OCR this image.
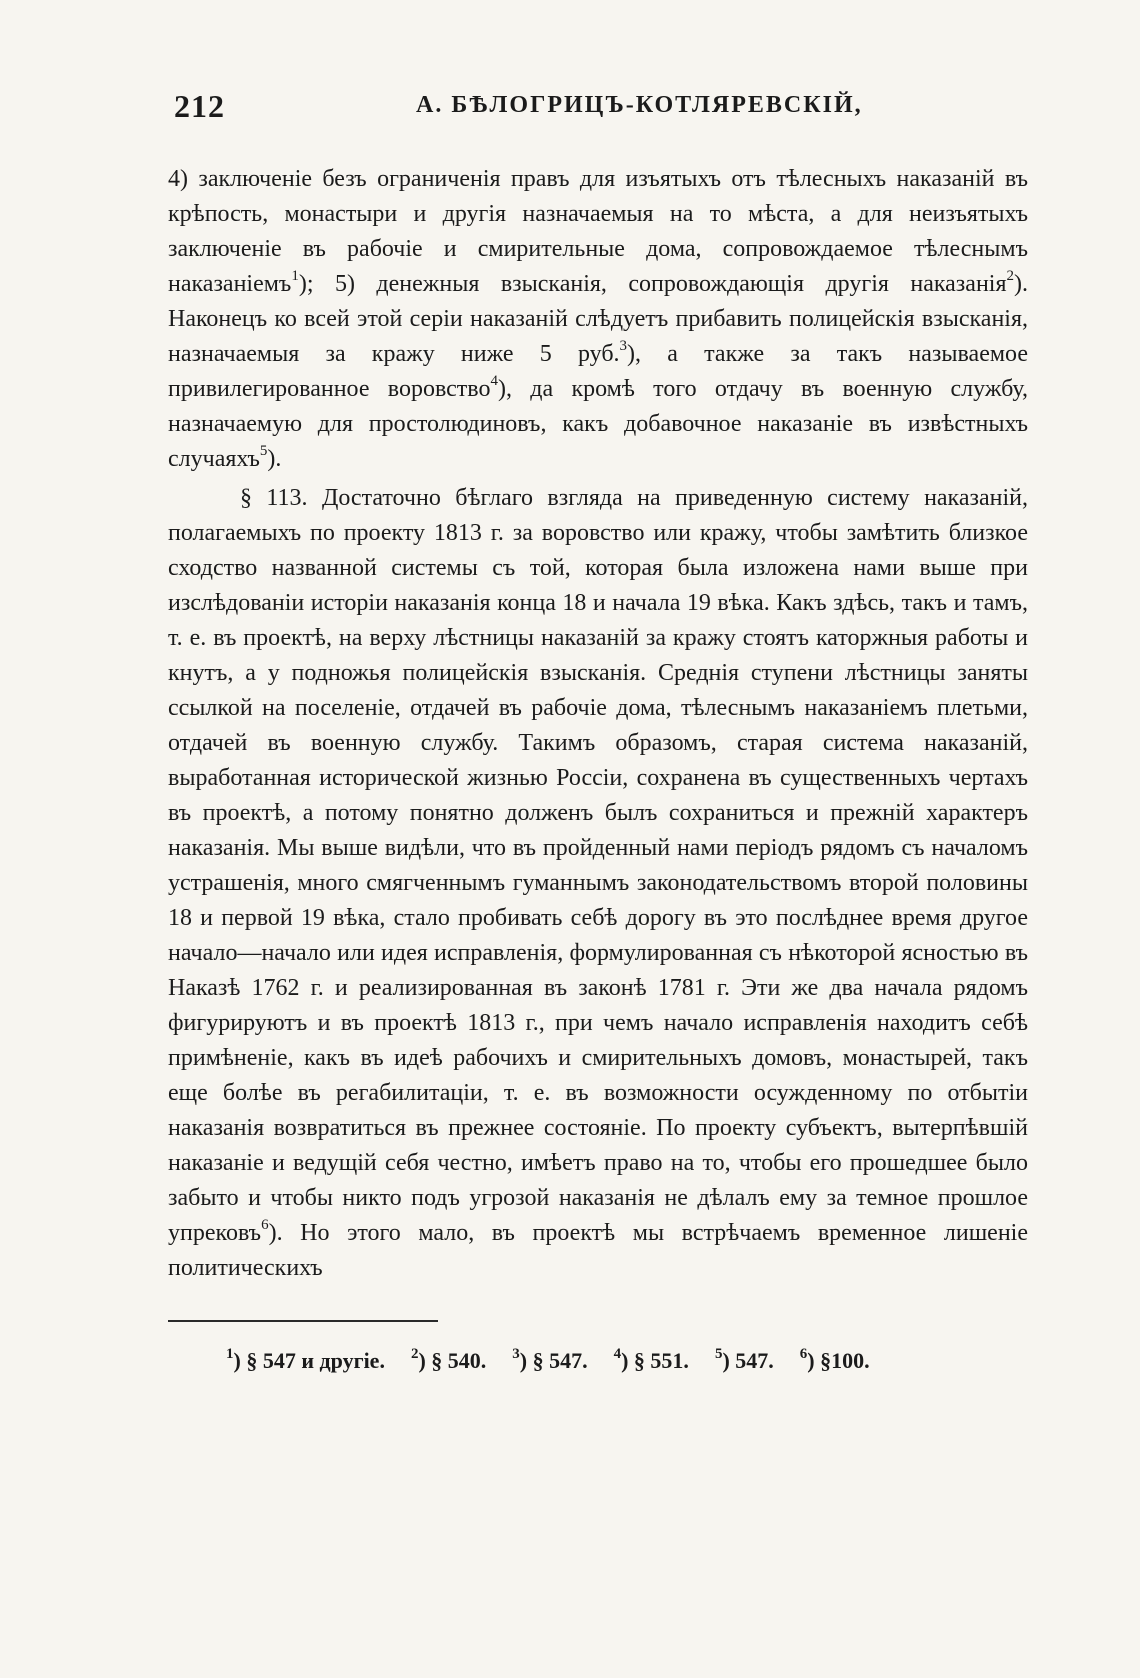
212	А. БѢЛОГРИЦЪ-КОТЛЯРЕВСКІЙ,

4) заключеніе безъ ограниченія правъ для изъятыхъ отъ тѣлесныхъ наказаній въ крѣпость, монастыри и другія назначаемыя на то мѣста, а для неизъятыхъ заключеніе въ рабочіе и смирительные дома, сопровождаемое тѣлеснымъ наказаніемъ$^1$); 5) денежныя взысканія, сопровождающія другія наказанія$^2$). Наконецъ ко всей этой серіи наказаній слѣдуетъ прибавить полицейскія взысканія, назначаемыя за кражу ниже 5 руб.$^3$), а также за такъ называемое привилегированное воровство$^4$), да кромѣ того отдачу въ военную службу, назначаемую для простолюдиновъ, какъ добавочное наказаніе въ извѣстныхъ случаяхъ$^5$).

§ 113. Достаточно бѣглаго взгляда на приведенную систему наказаній, полагаемыхъ по проекту 1813 г. за воровство или кражу, чтобы замѣтить близкое сходство названной системы съ той, которая была изложена нами выше при изслѣдованіи исторіи наказанія конца 18 и начала 19 вѣка. Какъ здѣсь, такъ и тамъ, т. е. въ проектѣ, на верху лѣстницы наказаній за кражу стоятъ каторжныя работы и кнутъ, а у подножья полицейскія взысканія. Среднія ступени лѣстницы заняты ссылкой на поселеніе, отдачей въ рабочіе дома, тѣлеснымъ наказаніемъ плетьми, отдачей въ военную службу. Такимъ образомъ, старая система наказаній, выработанная исторической жизнью Россіи, сохранена въ существенныхъ чертахъ въ проектѣ, а потому понятно долженъ былъ сохраниться и прежній характеръ наказанія. Мы выше видѣли, что въ пройденный нами періодъ рядомъ съ началомъ устрашенія, много смягченнымъ гуманнымъ законодательствомъ второй половины 18 и первой 19 вѣка, стало пробивать себѣ дорогу въ это послѣднее время другое начало—начало или идея исправленія, формулированная съ нѣкоторой ясностью въ Наказѣ 1762 г. и реализированная въ законѣ 1781 г. Эти же два начала рядомъ фигурируютъ и въ проектѣ 1813 г., при чемъ начало исправленія находитъ себѣ примѣненіе, какъ въ идеѣ рабочихъ и смирительныхъ домовъ, монастырей, такъ еще болѣе въ регабилитаціи, т. е. въ возможности осужденному по отбытіи наказанія возвратиться въ прежнее состояніе. По проекту субъектъ, вытерпѣвшій наказаніе и ведущій себя честно, имѣетъ право на то, чтобы его прошедшее было забыто и чтобы никто подъ угрозой наказанія не дѣлалъ ему за темное прошлое упрековъ$^6$). Но этого мало, въ проектѣ мы встрѣчаемъ временное лишеніе политическихъ

$^1$) § 547 и другіе. $^2$) § 540. $^3$) § 547. $^4$) § 551. $^5$) 547. $^6$) §100.
